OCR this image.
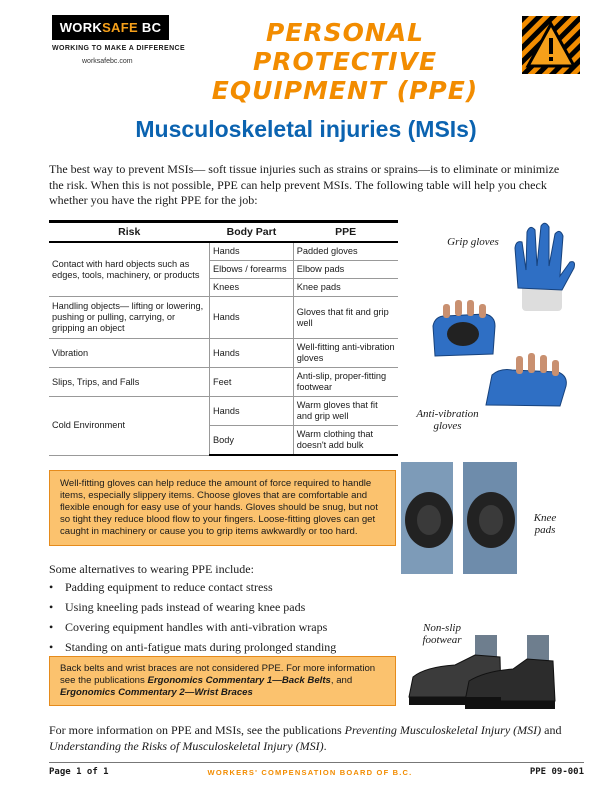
WORKSAFE BC
WORKING TO MAKE A DIFFERENCE
worksafebc.com
PERSONAL PROTECTIVE
EQUIPMENT (PPE)
Musculoskeletal injuries (MSIs)
The best way to prevent MSIs— soft tissue injuries such as strains or sprains—is to eliminate or minimize the risk. When this is not possible, PPE can help prevent MSIs. The following table will help you check whether you have the right PPE for the job:
Risk	Body Part	PPE
Contact with hard objects such as edges, tools, machinery, or products	Hands	Padded gloves
	Elbows / forearms	Elbow pads
	Knees	Knee pads
Handling objects— lifting or lowering, pushing or pulling, carrying, or gripping an object	Hands	Gloves that fit and grip well
Vibration	Hands	Well-fitting anti-vibration gloves
Slips, Trips, and Falls	Feet	Anti-slip, proper-fitting footwear
Cold Environment	Hands	Warm gloves that fit and grip well
	Body	Warm clothing that doesn't add bulk
Grip gloves
Anti-vibration
gloves
Knee
pads
Non-slip
footwear
Well-fitting gloves can help reduce the amount of force required to handle items, especially slippery items. Choose gloves that are comfortable and flexible enough for easy use of your hands. Gloves should be snug, but not so tight they reduce blood flow to your fingers. Loose-fitting gloves can get caught in machinery or cause you to grip items awkwardly or too hard.
Some alternatives to wearing PPE include:
• Padding equipment to reduce contact stress
• Using kneeling pads instead of wearing knee pads
• Covering equipment handles with anti-vibration wraps
• Standing on anti-fatigue mats during prolonged standing
Back belts and wrist braces are not considered PPE. For more information see the publications Ergonomics Commentary 1—Back Belts, and Ergonomics Commentary 2—Wrist Braces
For more information on PPE and MSIs, see the publications Preventing Musculoskeletal Injury (MSI) and Understanding the Risks of Musculoskeletal Injury (MSI).
Page 1 of 1	WORKERS' COMPENSATION BOARD OF B.C.	PPE 09-001
